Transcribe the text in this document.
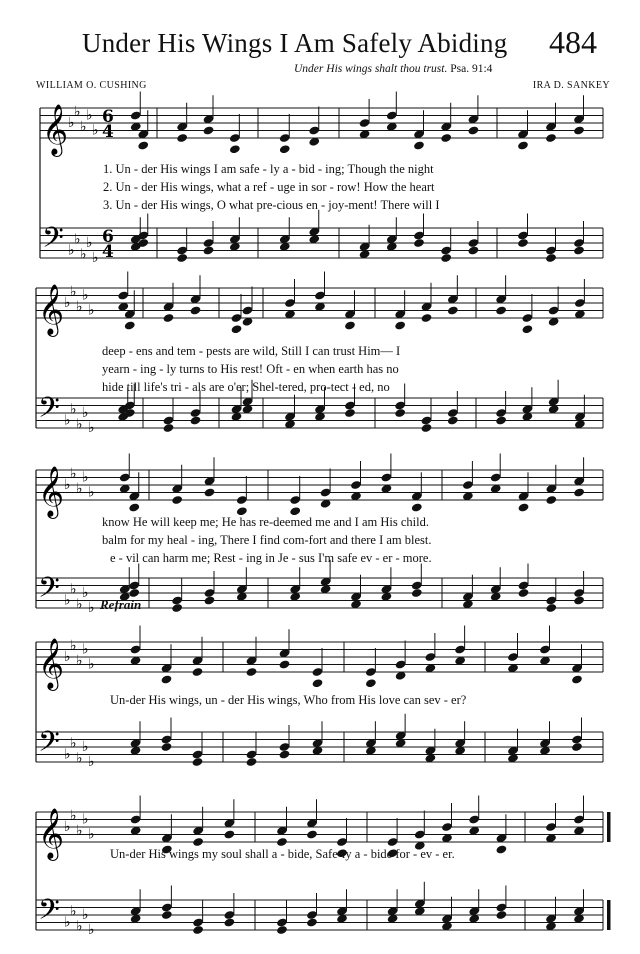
Under His Wings I Am Safely Abiding 484
Under His wings shalt thou trust. Psa. 91:4
WILLIAM O. CUSHING	IRA D. SANKEY
𝄞
𝄢
♭
♭
♭
♭
♭
♭
♭
♭
♭
♭
6
4
6
4
1. Un - der His wings I am safe - ly a - bid - ing; Though the night
2. Un - der His wings, what a ref - uge in sor - row! How the heart
3. Un - der His wings, O what pre-cious en - joy-ment! There will I
𝄞
𝄢
♭
♭
♭
♭
♭
♭
♭
♭
♭
♭
deep - ens and tem - pests are wild, Still I can trust Him— I
yearn - ing - ly turns to His rest! Oft - en when earth has no
hide till life's tri - als are o'er; Shel-tered, pro-tect - ed, no
𝄞
𝄢
♭
♭
♭
♭
♭
♭
♭
♭
♭
♭
know He will keep me; He has re-deemed me and I am His child.
balm for my heal - ing, There I find com-fort and there I am blest.
e - vil can harm me; Rest - ing in Je - sus I'm safe ev - er - more.
Refrain
𝄞
𝄢
♭
♭
♭
♭
♭
♭
♭
♭
♭
♭
Un-der His wings, un - der His wings, Who from His love can sev - er?
𝄞
𝄢
♭
♭
♭
♭
♭
♭
♭
♭
♭
♭
Un-der His wings my soul shall a - bide, Safe-ly a - bide for - ev - er.
